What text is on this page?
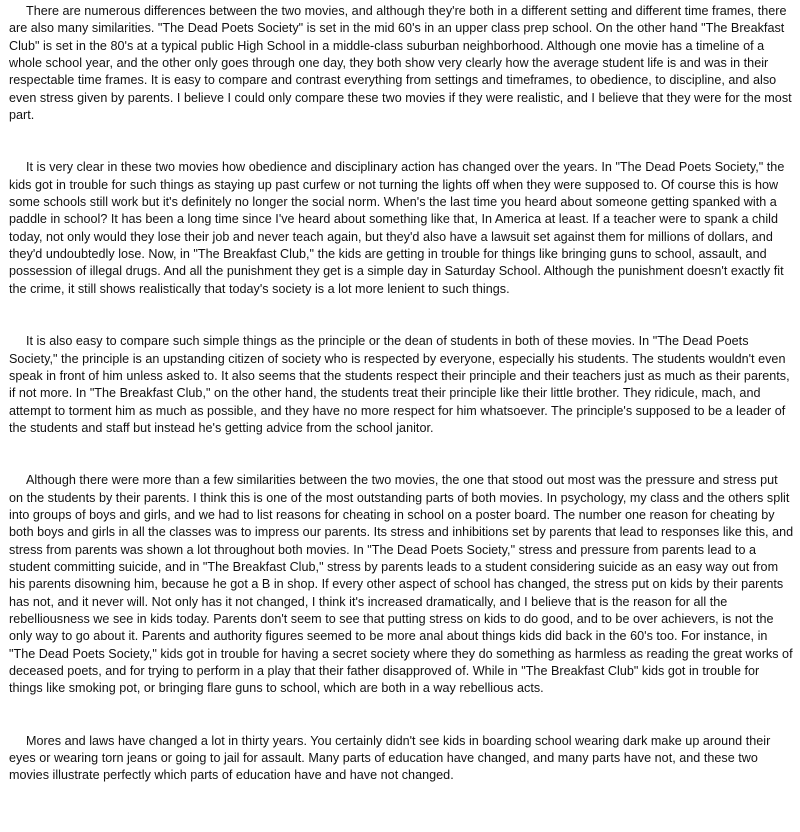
There are numerous differences between the two movies, and although they're both in a different setting and different time frames, there are also many similarities. "The Dead Poets Society" is set in the mid 60's in an upper class prep school. On the other hand "The Breakfast Club" is set in the 80's at a typical public High School in a middle-class suburban neighborhood. Although one movie has a timeline of a whole school year, and the other only goes through one day, they both show very clearly how the average student life is and was in their respectable time frames. It is easy to compare and contrast everything from settings and timeframes, to obedience, to discipline, and also even stress given by parents. I believe I could only compare these two movies if they were realistic, and I believe that they were for the most part.

It is very clear in these two movies how obedience and disciplinary action has changed over the years. In "The Dead Poets Society," the kids got in trouble for such things as staying up past curfew or not turning the lights off when they were supposed to. Of course this is how some schools still work but it's definitely no longer the social norm. When's the last time you heard about someone getting spanked with a paddle in school? It has been a long time since I've heard about something like that, In America at least. If a teacher were to spank a child today, not only would they lose their job and never teach again, but they'd also have a lawsuit set against them for millions of dollars, and they'd undoubtedly lose. Now, in "The Breakfast Club," the kids are getting in trouble for things like bringing guns to school, assault, and possession of illegal drugs. And all the punishment they get is a simple day in Saturday School. Although the punishment doesn't exactly fit the crime, it still shows realistically that today's society is a lot more lenient to such things.

It is also easy to compare such simple things as the principle or the dean of students in both of these movies. In "The Dead Poets Society," the principle is an upstanding citizen of society who is respected by everyone, especially his students. The students wouldn't even speak in front of him unless asked to. It also seems that the students respect their principle and their teachers just as much as their parents, if not more. In "The Breakfast Club," on the other hand, the students treat their principle like their little brother. They ridicule, mach, and attempt to torment him as much as possible, and they have no more respect for him whatsoever. The principle's supposed to be a leader of the students and staff but instead he's getting advice from the school janitor.

Although there were more than a few similarities between the two movies, the one that stood out most was the pressure and stress put on the students by their parents. I think this is one of the most outstanding parts of both movies. In psychology, my class and the others split into groups of boys and girls, and we had to list reasons for cheating in school on a poster board. The number one reason for cheating by both boys and girls in all the classes was to impress our parents. Its stress and inhibitions set by parents that lead to responses like this, and stress from parents was shown a lot throughout both movies. In "The Dead Poets Society," stress and pressure from parents lead to a student committing suicide, and in "The Breakfast Club," stress by parents leads to a student considering suicide as an easy way out from his parents disowning him, because he got a B in shop. If every other aspect of school has changed, the stress put on kids by their parents has not, and it never will. Not only has it not changed, I think it's increased dramatically, and I believe that is the reason for all the rebelliousness we see in kids today. Parents don't seem to see that putting stress on kids to do good, and to be over achievers, is not the only way to go about it. Parents and authority figures seemed to be more anal about things kids did back in the 60's too. For instance, in "The Dead Poets Society," kids got in trouble for having a secret society where they do something as harmless as reading the great works of deceased poets, and for trying to perform in a play that their father disapproved of. While in "The Breakfast Club" kids got in trouble for things like smoking pot, or bringing flare guns to school, which are both in a way rebellious acts.

Mores and laws have changed a lot in thirty years. You certainly didn't see kids in boarding school wearing dark make up around their eyes or wearing torn jeans or going to jail for assault. Many parts of education have changed, and many parts have not, and these two movies illustrate perfectly which parts of education have and have not changed.
